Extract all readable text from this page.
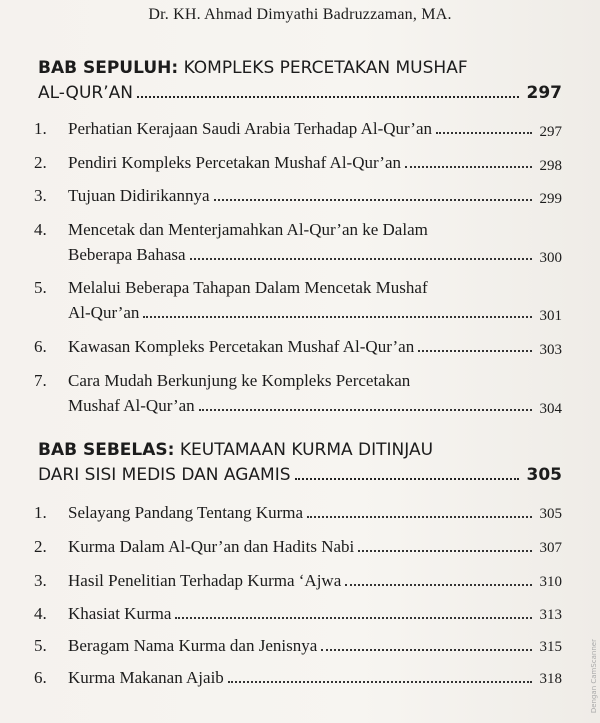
Dr. KH. Ahmad Dimyathi Badruzzaman, MA.
BAB SEPULUH: KOMPLEKS PERCETAKAN MUSHAF
AL-QUR’AN	297
1. Perhatian Kerajaan Saudi Arabia Terhadap Al-Qur’an	297
2. Pendiri Kompleks Percetakan Mushaf Al-Qur’an	298
3. Tujuan Didirikannya	299
4. Mencetak dan Menterjamahkan Al-Qur’an ke Dalam
Beberapa Bahasa	300
5. Melalui Beberapa Tahapan Dalam Mencetak Mushaf
Al-Qur’an	301
6. Kawasan Kompleks Percetakan Mushaf Al-Qur’an	303
7. Cara Mudah Berkunjung ke Kompleks Percetakan
Mushaf Al-Qur’an	304
BAB SEBELAS: KEUTAMAAN KURMA DITINJAU
DARI SISI MEDIS DAN AGAMIS	305
1. Selayang Pandang Tentang Kurma	305
2. Kurma Dalam Al-Qur’an dan Hadits Nabi	307
3. Hasil Penelitian Terhadap Kurma ‘Ajwa	310
4. Khasiat Kurma	313
5. Beragam Nama Kurma dan Jenisnya	315
6. Kurma Makanan Ajaib	318	Dengan CamScanner
